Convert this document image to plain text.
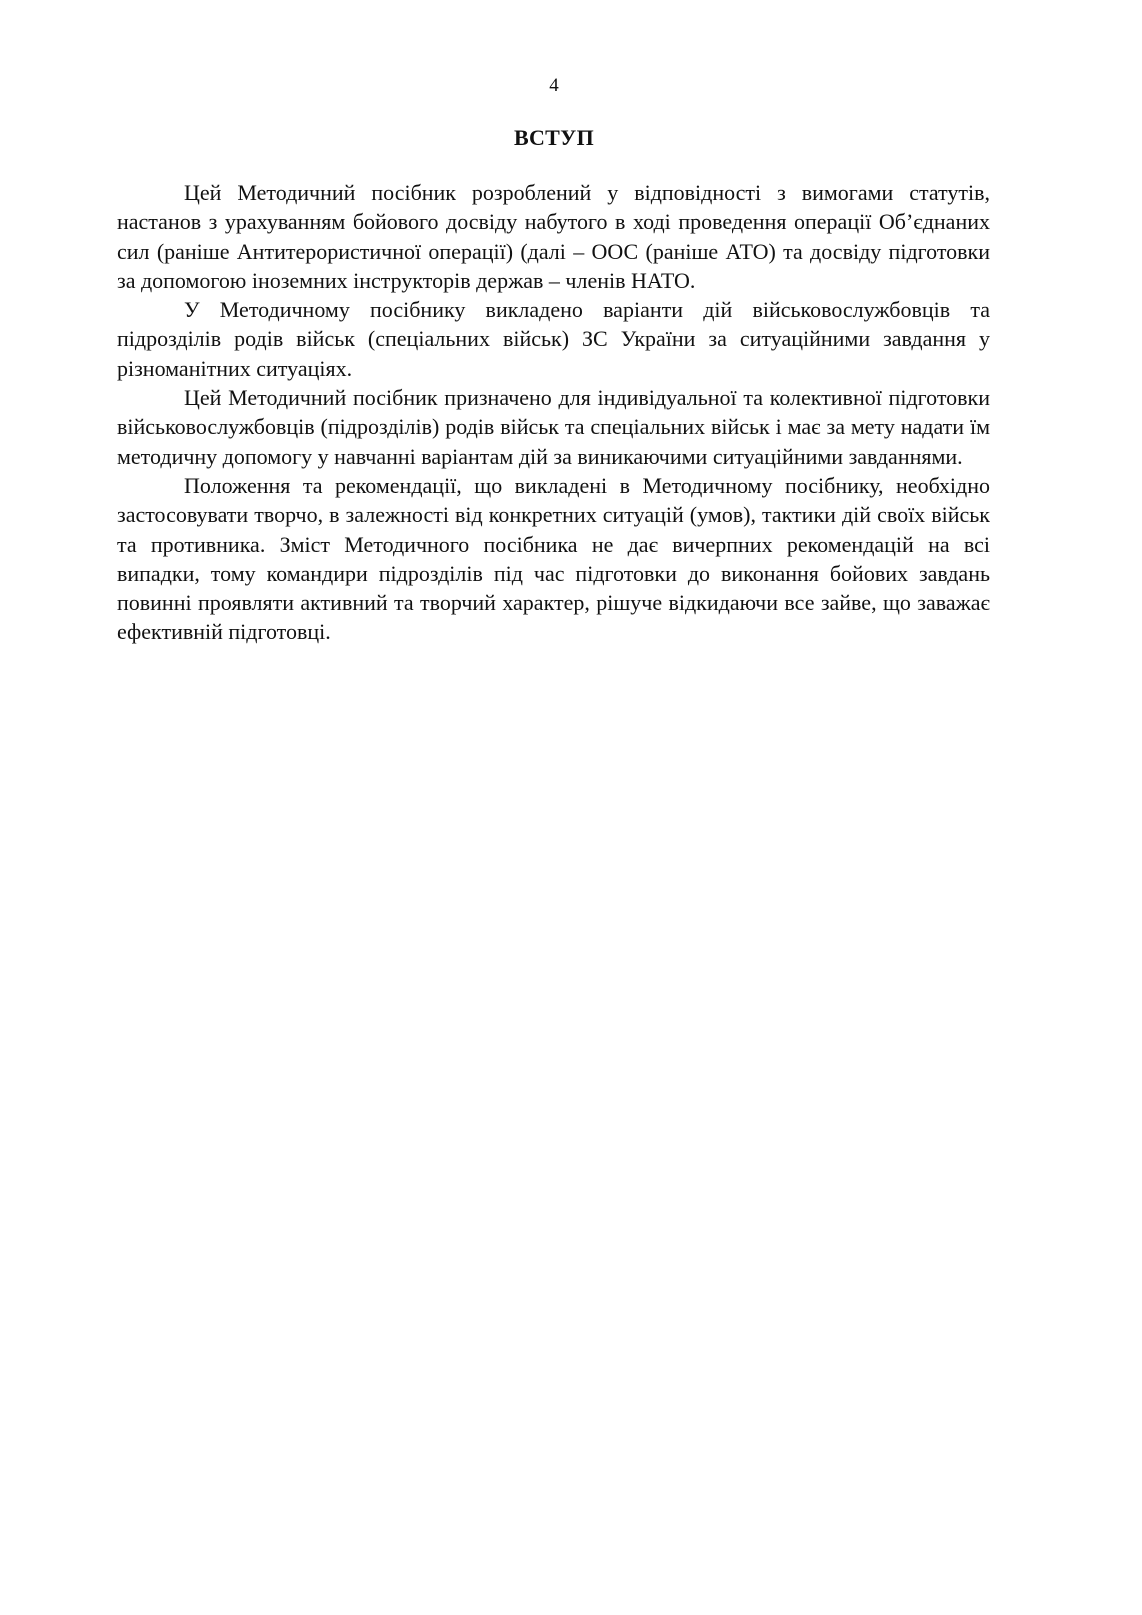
4
ВСТУП

Цей Методичний посібник розроблений у відповідності з вимогами статутів, настанов з урахуванням бойового досвіду набутого в ході проведення операції Об’єднаних сил (раніше Антитерористичної операції) (далі – ООС (раніше АТО) та досвіду підготовки за допомогою іноземних інструкторів держав – членів НАТО.

У Методичному посібнику викладено варіанти дій військовослужбовців та підрозділів родів військ (спеціальних військ) ЗС України за ситуаційними завдання у різноманітних ситуаціях.

Цей Методичний посібник призначено для індивідуальної та колективної підготовки військовослужбовців (підрозділів) родів військ та спеціальних військ і має за мету надати їм методичну допомогу у навчанні варіантам дій за виникаючими ситуаційними завданнями.

Положення та рекомендації, що викладені в Методичному посібнику, необхідно застосовувати творчо, в залежності від конкретних ситуацій (умов), тактики дій своїх військ та противника. Зміст Методичного посібника не дає вичерпних рекомендацій на всі випадки, тому командири підрозділів під час підготовки до виконання бойових завдань повинні проявляти активний та творчий характер, рішуче відкидаючи все зайве, що заважає ефективній підготовці.
